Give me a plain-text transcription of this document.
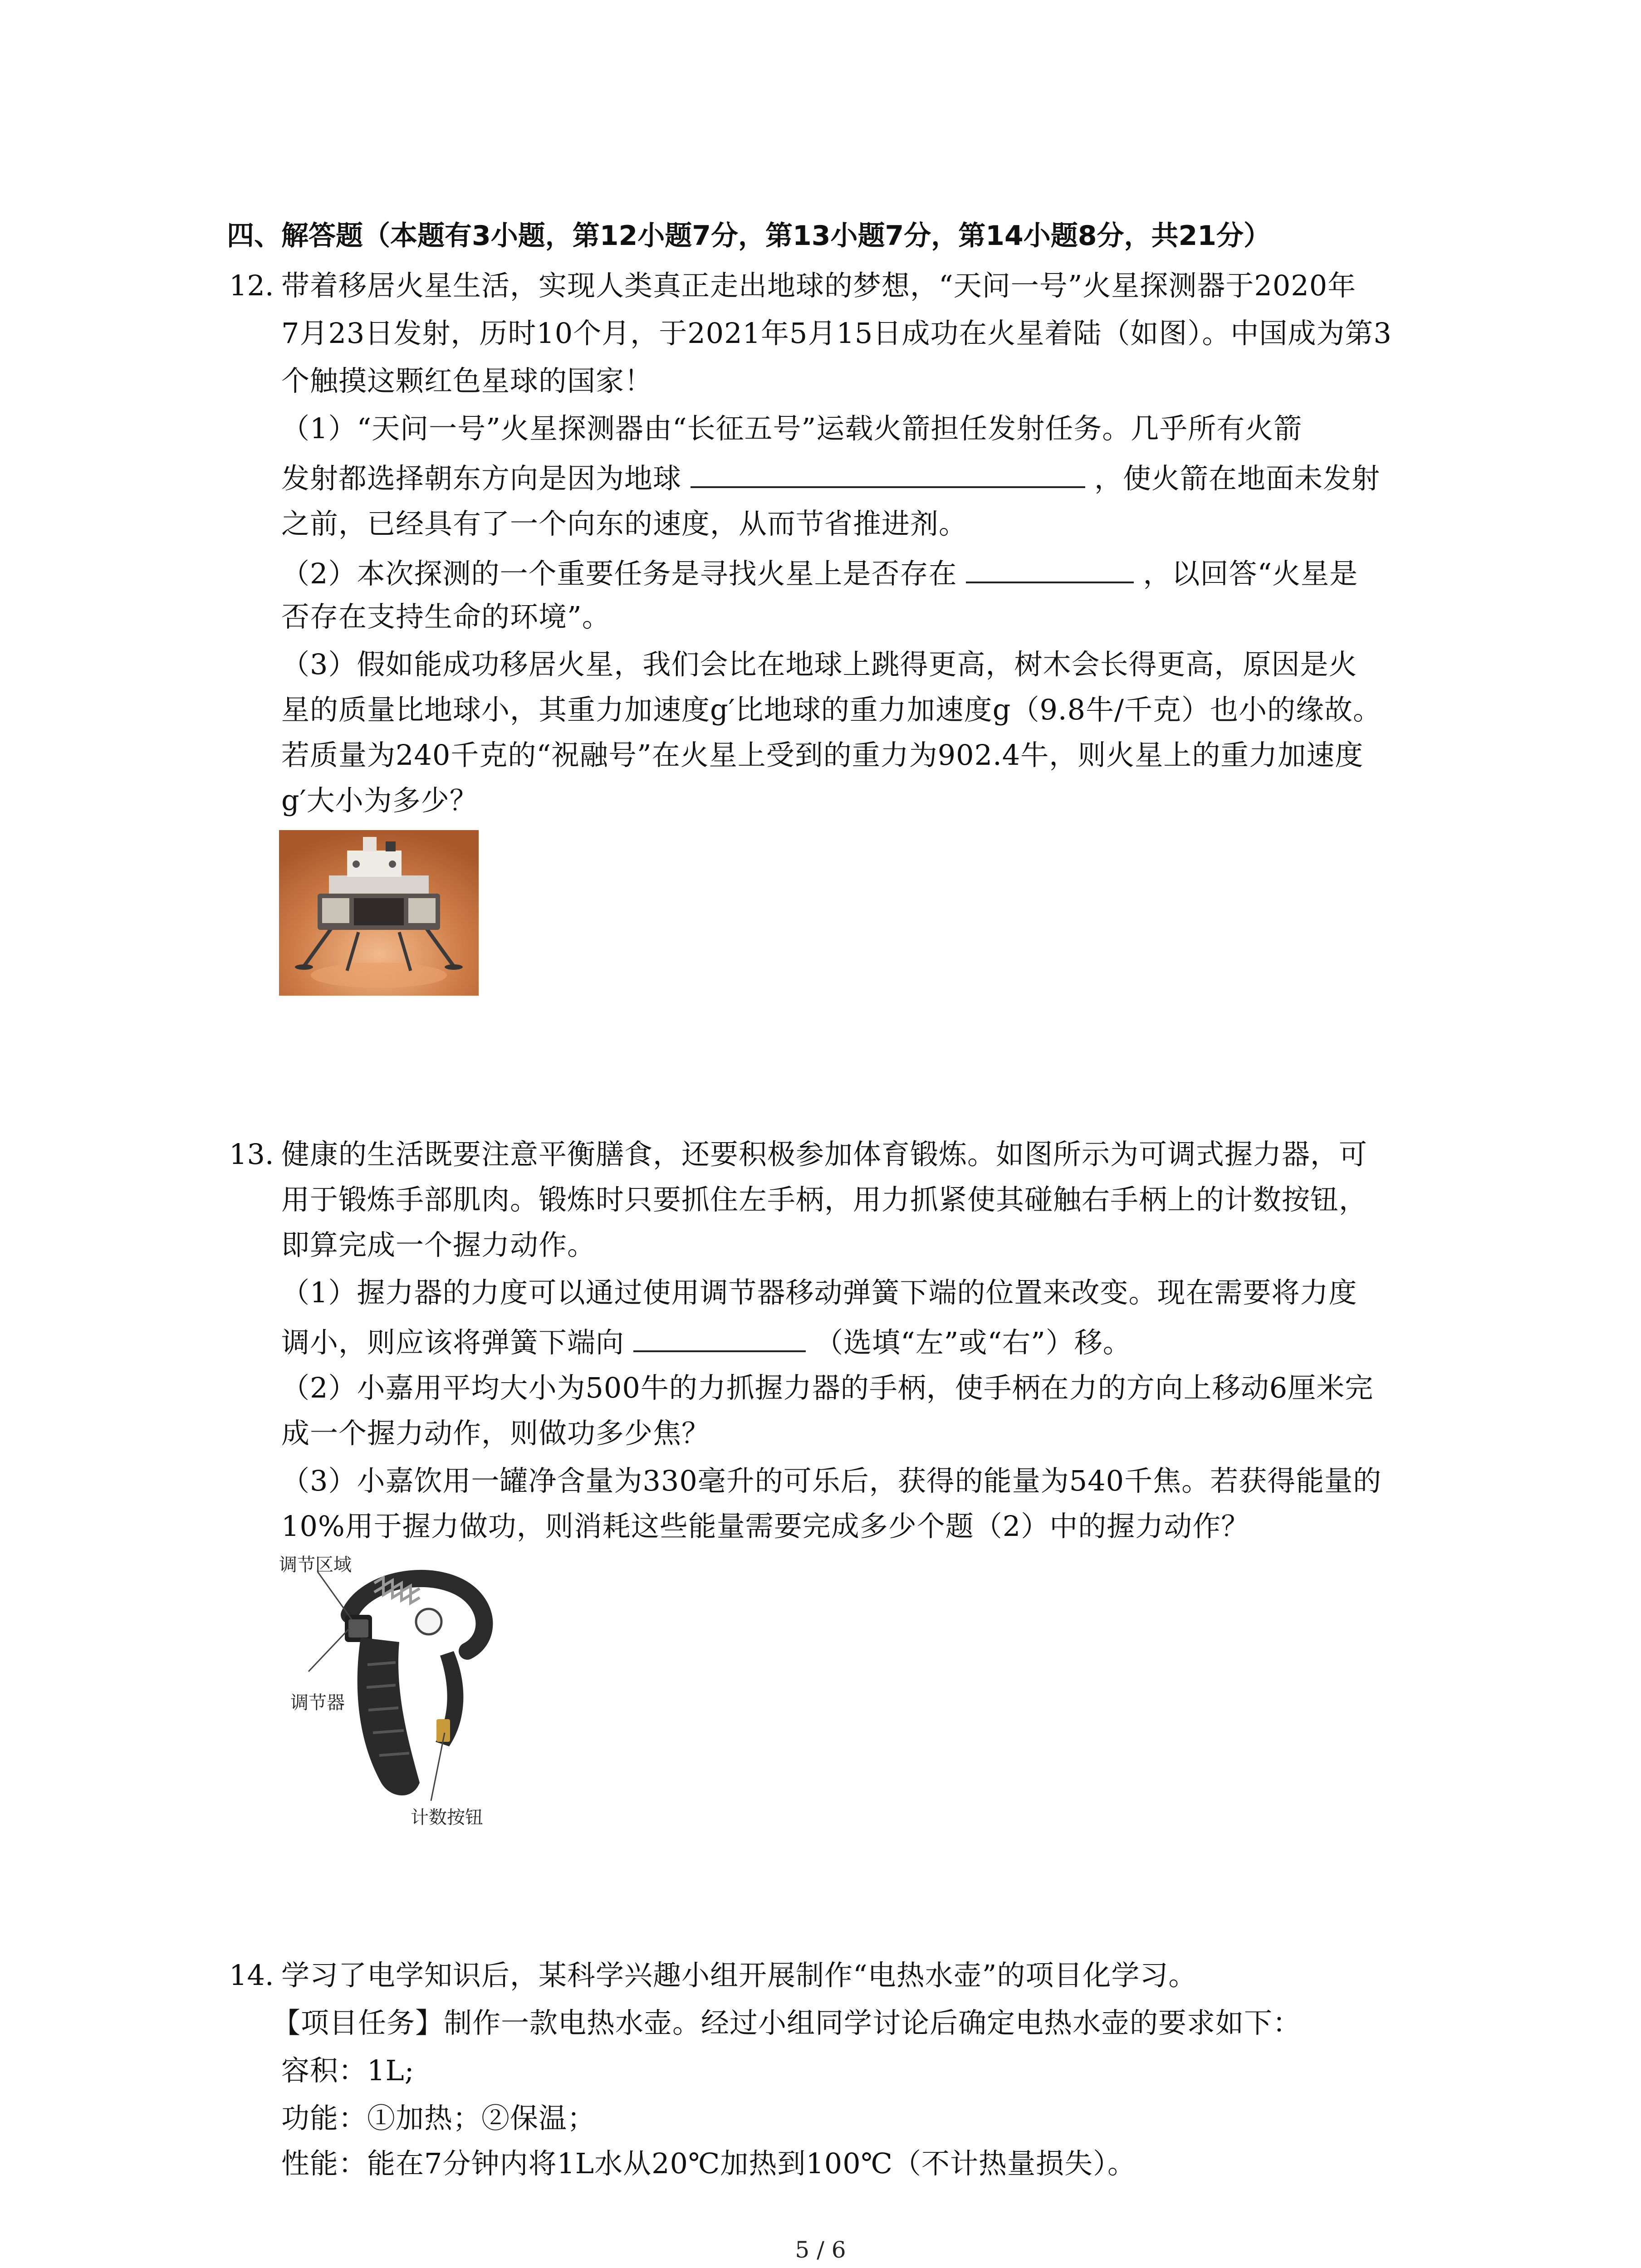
四、解答题（本题有3小题，第12小题7分，第13小题7分，第14小题8分，共21分）
12. 带着移居火星生活，实现人类真正走出地球的梦想，“天问一号”火星探测器于2020年
7月23日发射，历时10个月，于2021年5月15日成功在火星着陆（如图）。中国成为第3
个触摸这颗红色星球的国家！
（1）“天问一号”火星探测器由“长征五号”运载火箭担任发射任务。几乎所有火箭
发射都选择朝东方向是因为地球	，使火箭在地面未发射
之前，已经具有了一个向东的速度，从而节省推进剂。
（2）本次探测的一个重要任务是寻找火星上是否存在	，以回答“火星是
否存在支持生命的环境”。
（3）假如能成功移居火星，我们会比在地球上跳得更高，树木会长得更高，原因是火
星的质量比地球小，其重力加速度g′比地球的重力加速度g（9.8牛/千克）也小的缘故。
若质量为240千克的“祝融号”在火星上受到的重力为902.4牛，则火星上的重力加速度
g′大小为多少？
13. 健康的生活既要注意平衡膳食，还要积极参加体育锻炼。如图所示为可调式握力器，可
用于锻炼手部肌肉。锻炼时只要抓住左手柄，用力抓紧使其碰触右手柄上的计数按钮，
即算完成一个握力动作。
（1）握力器的力度可以通过使用调节器移动弹簧下端的位置来改变。现在需要将力度
调小，则应该将弹簧下端向	（选填“左”或“右”）移。
（2）小嘉用平均大小为500牛的力抓握力器的手柄，使手柄在力的方向上移动6厘米完
成一个握力动作，则做功多少焦？
（3）小嘉饮用一罐净含量为330毫升的可乐后，获得的能量为540千焦。若获得能量的
10%用于握力做功，则消耗这些能量需要完成多少个题（2）中的握力动作？
调节区域
调节器
计数按钮
14. 学习了电学知识后，某科学兴趣小组开展制作“电热水壶”的项目化学习。
【项目任务】制作一款电热水壶。经过小组同学讨论后确定电热水壶的要求如下：
容积：1L;
功能：①加热；②保温；
性能：能在7分钟内将1L水从20℃加热到100℃（不计热量损失）。
5 / 6
